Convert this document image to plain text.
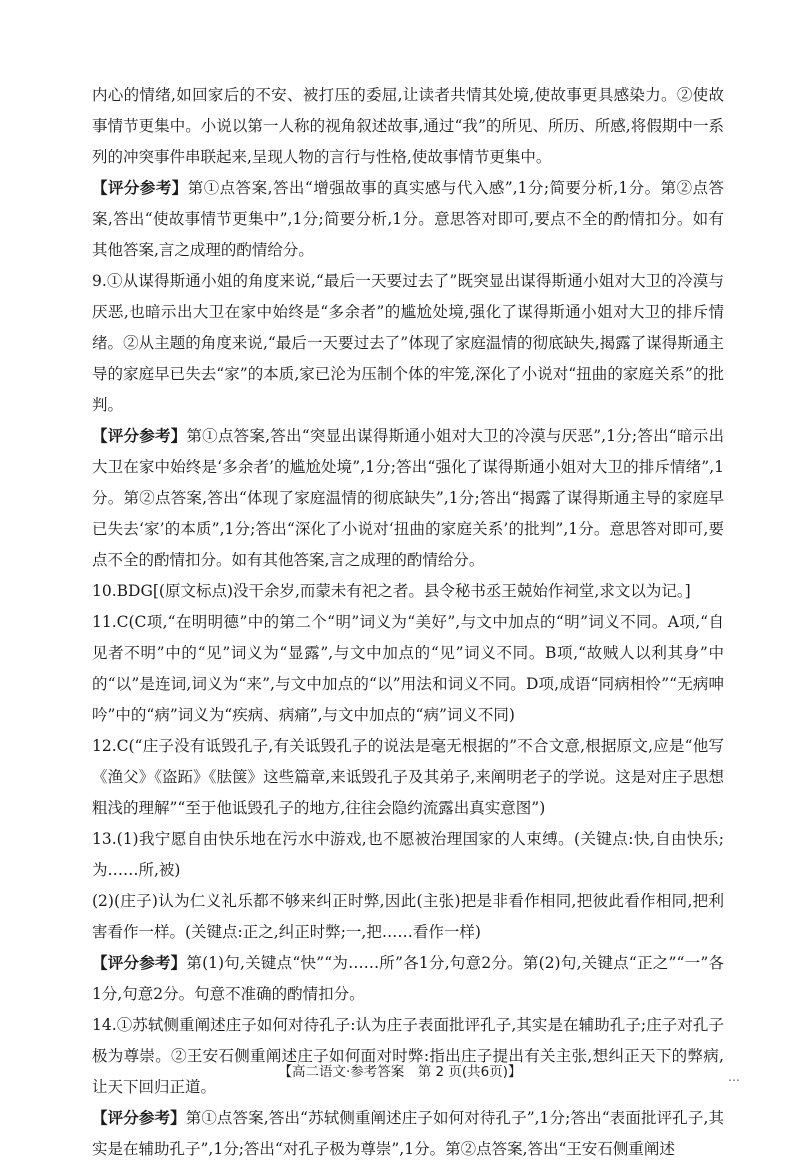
内心的情绪,如回家后的不安、被打压的委屈,让读者共情其处境,使故事更具感染力。②使故事情节更集中。小说以第一人称的视角叙述故事,通过“我”的所见、所历、所感,将假期中一系列的冲突事件串联起来,呈现人物的言行与性格,使故事情节更集中。

【评分参考】第①点答案,答出“增强故事的真实感与代入感”,1分;简要分析,1分。第②点答案,答出“使故事情节更集中”,1分;简要分析,1分。意思答对即可,要点不全的酌情扣分。如有其他答案,言之成理的酌情给分。

9.①从谋得斯通小姐的角度来说,“最后一天要过去了”既突显出谋得斯通小姐对大卫的冷漠与厌恶,也暗示出大卫在家中始终是“多余者”的尴尬处境,强化了谋得斯通小姐对大卫的排斥情绪。②从主题的角度来说,“最后一天要过去了”体现了家庭温情的彻底缺失,揭露了谋得斯通主导的家庭早已失去“家”的本质,家已沦为压制个体的牢笼,深化了小说对“扭曲的家庭关系”的批判。

【评分参考】第①点答案,答出“突显出谋得斯通小姐对大卫的冷漠与厌恶”,1分;答出“暗示出大卫在家中始终是‘多余者’的尴尬处境”,1分;答出“强化了谋得斯通小姐对大卫的排斥情绪”,1分。第②点答案,答出“体现了家庭温情的彻底缺失”,1分;答出“揭露了谋得斯通主导的家庭早已失去‘家’的本质”,1分;答出“深化了小说对‘扭曲的家庭关系’的批判”,1分。意思答对即可,要点不全的酌情扣分。如有其他答案,言之成理的酌情给分。

10.BDG[(原文标点)没干余岁,而蒙未有祀之者。县令秘书丞王兢始作祠堂,求文以为记。]

11.C(C项,“在明明德”中的第二个“明”词义为“美好”,与文中加点的“明”词义不同。A项,“自见者不明”中的“见”词义为“显露”,与文中加点的“见”词义不同。B项,“故贼人以利其身”中的“以”是连词,词义为“来”,与文中加点的“以”用法和词义不同。D项,成语“同病相怜”“无病呻吟”中的“病”词义为“疾病、病痛”,与文中加点的“病”词义不同)

12.C(“庄子没有诋毁孔子,有关诋毁孔子的说法是毫无根据的”不合文意,根据原文,应是“他写《渔父》《盗跖》《胠箧》这些篇章,来诋毁孔子及其弟子,来阐明老子的学说。这是对庄子思想粗浅的理解”“至于他诋毁孔子的地方,往往会隐约流露出真实意图”)

13.(1)我宁愿自由快乐地在污水中游戏,也不愿被治理国家的人束缚。(关键点:快,自由快乐;为……所,被)

(2)(庄子)认为仁义礼乐都不够来纠正时弊,因此(主张)把是非看作相同,把彼此看作相同,把利害看作一样。(关键点:正之,纠正时弊;一,把……看作一样)

【评分参考】第(1)句,关键点“快”“为……所”各1分,句意2分。第(2)句,关键点“正之”“一”各1分,句意2分。句意不准确的酌情扣分。

14.①苏轼侧重阐述庄子如何对待孔子:认为庄子表面批评孔子,其实是在辅助孔子;庄子对孔子极为尊崇。②王安石侧重阐述庄子如何面对时弊:指出庄子提出有关主张,想纠正天下的弊病,让天下回归正道。

【评分参考】第①点答案,答出“苏轼侧重阐述庄子如何对待孔子”,1分;答出“表面批评孔子,其实是在辅助孔子”,1分;答出“对孔子极为尊崇”,1分。第②点答案,答出“王安石侧重阐述

【高二语文·参考答案　第 2 页(共6页)】	…
